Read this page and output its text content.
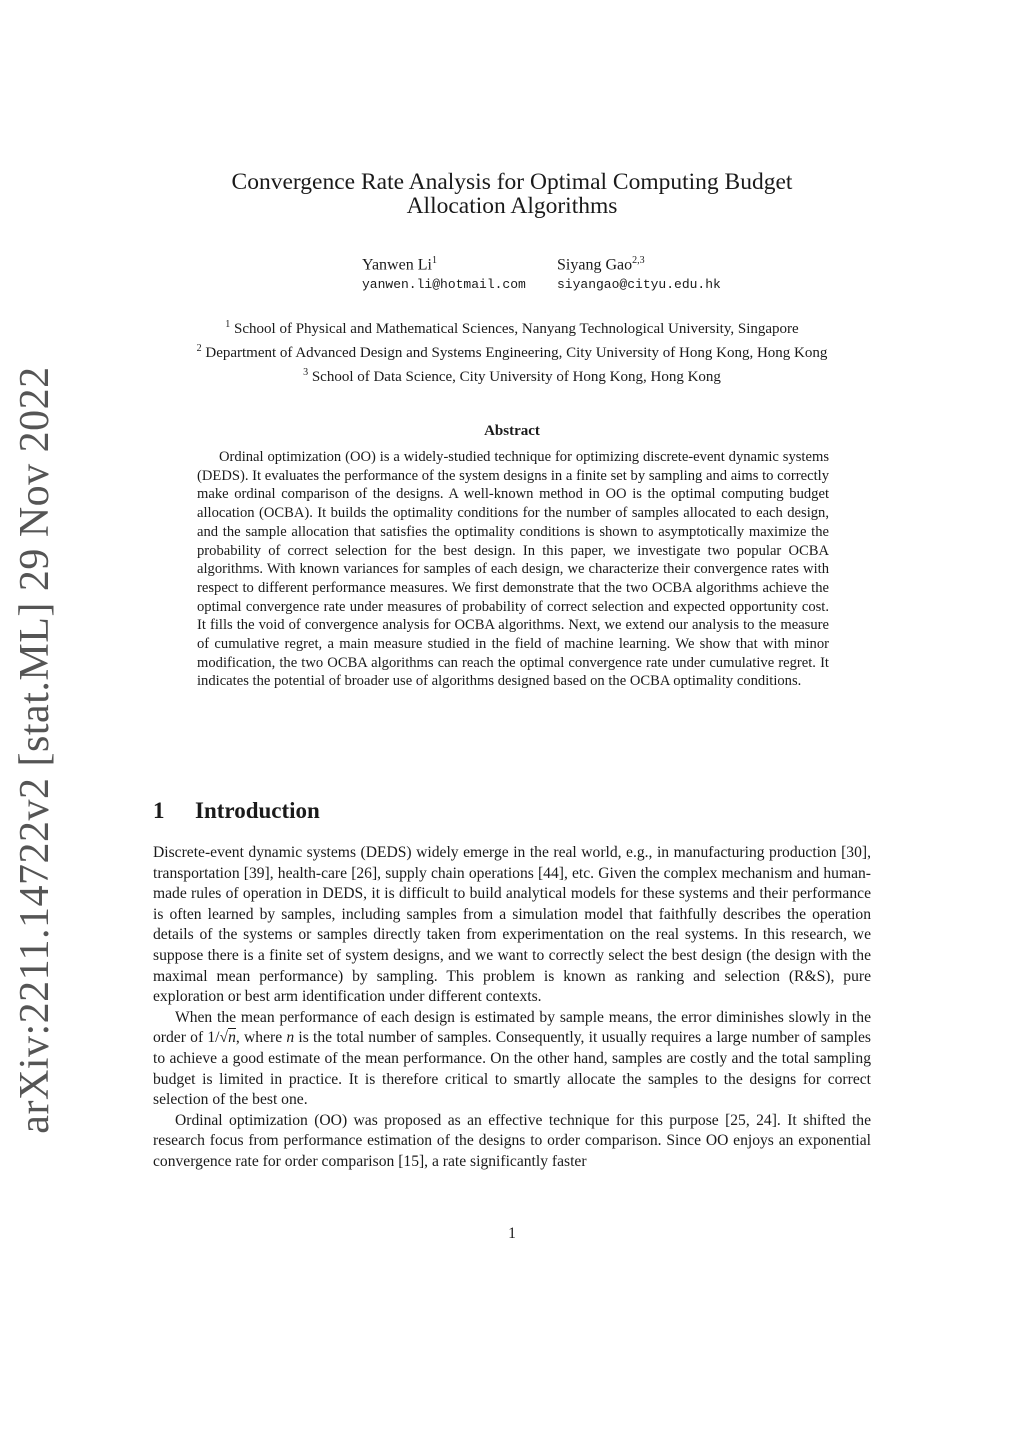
arXiv:2211.14722v2 [stat.ML] 29 Nov 2022
Convergence Rate Analysis for Optimal Computing Budget
Allocation Algorithms
Yanwen Li$^1$
yanwen.li@hotmail.com
Siyang Gao$^{2,3}$
siyangao@cityu.edu.hk
$^1$ School of Physical and Mathematical Sciences, Nanyang Technological University, Singapore
$^2$ Department of Advanced Design and Systems Engineering, City University of Hong Kong, Hong Kong
$^3$ School of Data Science, City University of Hong Kong, Hong Kong
Abstract

Ordinal optimization (OO) is a widely-studied technique for optimizing discrete-event dynamic systems (DEDS). It evaluates the performance of the system designs in a finite set by sampling and aims to correctly make ordinal comparison of the designs. A well-known method in OO is the optimal computing budget allocation (OCBA). It builds the optimality conditions for the number of samples allocated to each design, and the sample allocation that satisfies the optimality conditions is shown to asymptotically maximize the probability of correct selection for the best design. In this paper, we investigate two popular OCBA algorithms. With known variances for samples of each design, we characterize their convergence rates with respect to different performance measures. We first demonstrate that the two OCBA algorithms achieve the optimal convergence rate under measures of probability of correct selection and expected opportunity cost. It fills the void of convergence analysis for OCBA algorithms. Next, we extend our analysis to the measure of cumulative regret, a main measure studied in the field of machine learning. We show that with minor modification, the two OCBA algorithms can reach the optimal convergence rate under cumulative regret. It indicates the potential of broader use of algorithms designed based on the OCBA optimality conditions.

1 Introduction

Discrete-event dynamic systems (DEDS) widely emerge in the real world, e.g., in manufacturing production [30], transportation [39], health-care [26], supply chain operations [44], etc. Given the complex mechanism and human-made rules of operation in DEDS, it is difficult to build analytical models for these systems and their performance is often learned by samples, including samples from a simulation model that faithfully describes the operation details of the systems or samples directly taken from experimentation on the real systems. In this research, we suppose there is a finite set of system designs, and we want to correctly select the best design (the design with the maximal mean performance) by sampling. This problem is known as ranking and selection (R&S), pure exploration or best arm identification under different contexts.

When the mean performance of each design is estimated by sample means, the error diminishes slowly in the order of 1/√n, where n is the total number of samples. Consequently, it usually requires a large number of samples to achieve a good estimate of the mean performance. On the other hand, samples are costly and the total sampling budget is limited in practice. It is therefore critical to smartly allocate the samples to the designs for correct selection of the best one.

Ordinal optimization (OO) was proposed as an effective technique for this purpose [25, 24]. It shifted the research focus from performance estimation of the designs to order comparison. Since OO enjoys an exponential convergence rate for order comparison [15], a rate significantly faster

1
